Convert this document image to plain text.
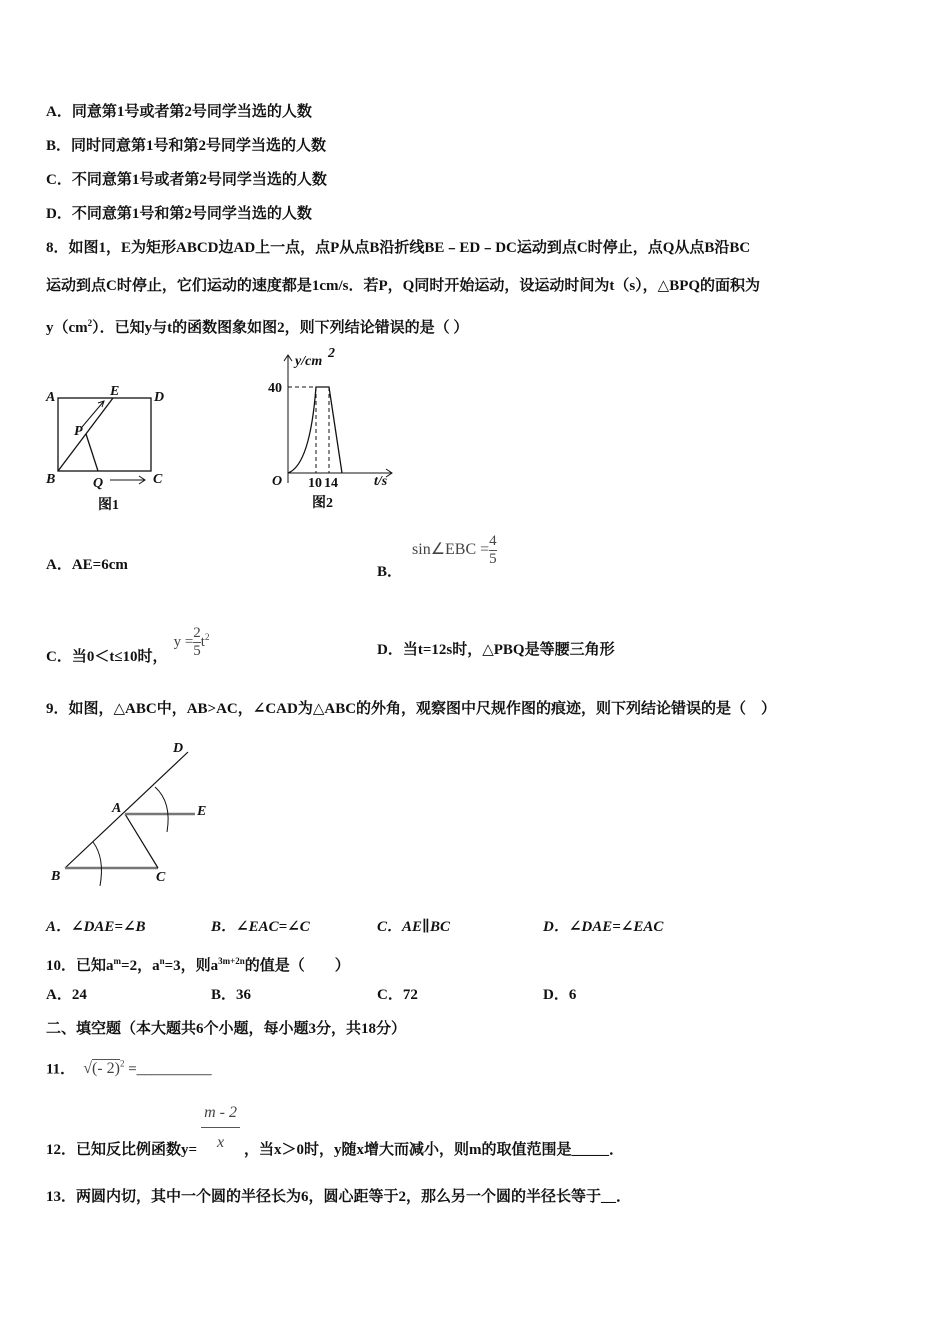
A．同意第1号或者第2号同学当选的人数
B．同时同意第1号和第2号同学当选的人数
C．不同意第1号或者第2号同学当选的人数
D．不同意第1号和第2号同学当选的人数
8．如图1，E为矩形ABCD边AD上一点，点P从点B沿折线BE﹣ED﹣DC运动到点C时停止，点Q从点B沿BC
运动到点C时停止，它们运动的速度都是1cm/s．若P，Q同时开始运动，设运动时间为t（s），△BPQ的面积为
$y(cm^2)$．已知y与t的函数图象如图2，则下列结论错误的是（ ）
A	E D
P
B	Q	C
图1
y/cm
2
40
O 10 14	t/s
图2
A．AE=6cm	B．sin∠EBC = $\frac{4}{5}$
C．当0＜t≤10时，$y = \frac{2}{5} t^2$
D．当t=12s时，△PBQ是等腰三角形
9．如图，△ABC中，AB>AC，∠CAD为△ABC的外角，观察图中尺规作图的痕迹，则下列结论错误的是（　）
D
A	E
B	C
A．∠DAE=∠B	B．∠EAC=∠C	C．AE∥BC	D．∠DAE=∠EAC
10．已知$a^m=2$，$a^n=3$，则$a^{3m+2n}$的值是（　　）
A．24	B．36	C．72	D．6
二、填空题（本大题共6个小题，每小题3分，共18分）
11． √(- 2)$^2$ =__________
12．已知反比例函数$y= \frac{m - 2}{x}$ ，当x＞0时，y随x增大而减小，则m的取值范围是_____．
13．两圆内切，其中一个圆的半径长为6，圆心距等于2，那么另一个圆的半径长等于__．
